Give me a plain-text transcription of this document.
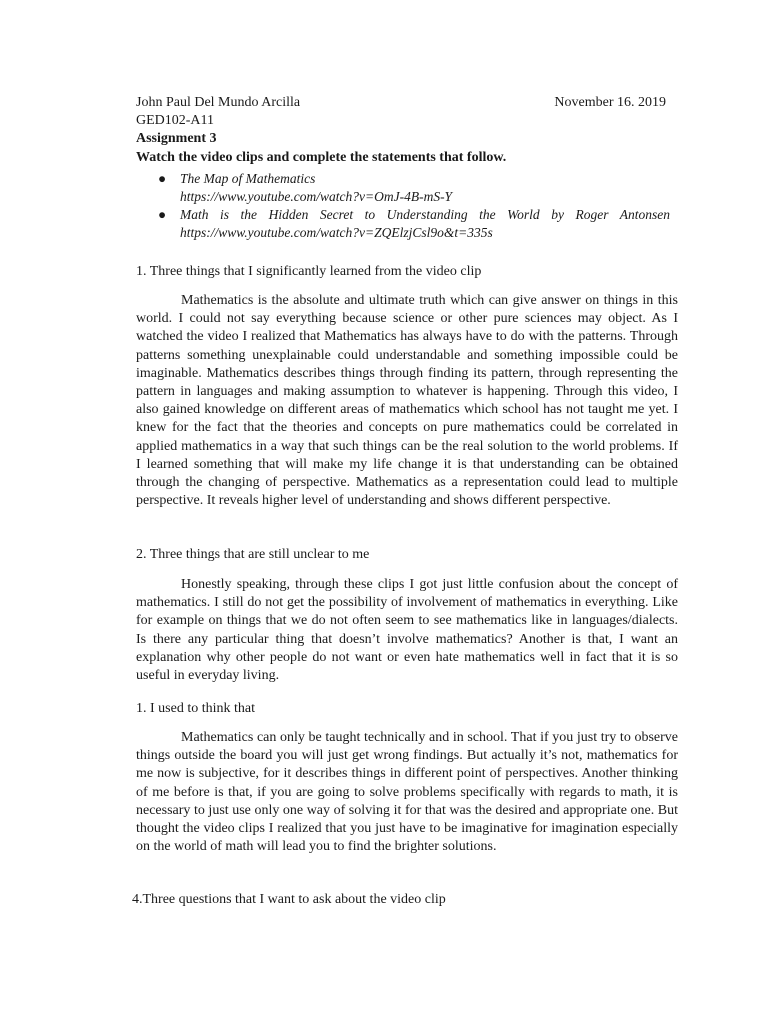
John Paul Del Mundo Arcilla	November 16. 2019
GED102-A11
Assignment 3
Watch the video clips and complete the statements that follow.
● The Map of Mathematics
https://www.youtube.com/watch?v=OmJ-4B-mS-Y
● Math is the Hidden Secret to Understanding the World by Roger Antonsen
https://www.youtube.com/watch?v=ZQElzjCsl9o&t=335s
1. Three things that I significantly learned from the video clip

Mathematics is the absolute and ultimate truth which can give answer on things in this world. I could not say everything because science or other pure sciences may object. As I watched the video I realized that Mathematics has always have to do with the patterns. Through patterns something unexplainable could understandable and something impossible could be imaginable. Mathematics describes things through finding its pattern, through representing the pattern in languages and making assumption to whatever is happening. Through this video, I also gained knowledge on different areas of mathematics which school has not taught me yet. I knew for the fact that the theories and concepts on pure mathematics could be correlated in applied mathematics in a way that such things can be the real solution to the world problems. If I learned something that will make my life change it is that understanding can be obtained through the changing of perspective. Mathematics as a representation could lead to multiple perspective. It reveals higher level of understanding and shows different perspective.

2. Three things that are still unclear to me

Honestly speaking, through these clips I got just little confusion about the concept of mathematics. I still do not get the possibility of involvement of mathematics in everything. Like for example on things that we do not often seem to see mathematics like in languages/dialects. Is there any particular thing that doesn’t involve mathematics? Another is that, I want an explanation why other people do not want or even hate mathematics well in fact that it is so useful in everyday living.

1. I used to think that

Mathematics can only be taught technically and in school. That if you just try to observe things outside the board you will just get wrong findings. But actually it’s not, mathematics for me now is subjective, for it describes things in different point of perspectives. Another thinking of me before is that, if you are going to solve problems specifically with regards to math, it is necessary to just use only one way of solving it for that was the desired and appropriate one. But thought the video clips I realized that you just have to be imaginative for imagination especially on the world of math will lead you to find the brighter solutions.

4.Three questions that I want to ask about the video clip
